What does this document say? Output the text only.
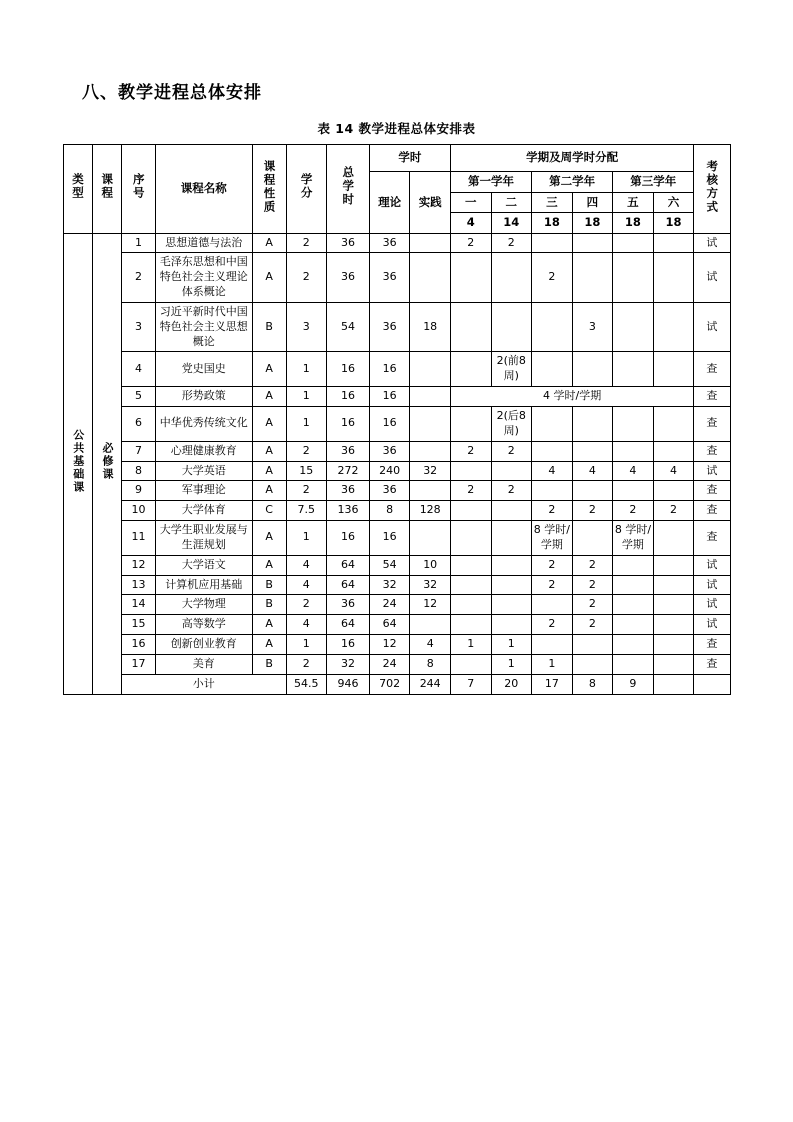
八、教学进程总体安排
表 14 教学进程总体安排表
类型	课程	序号	课程名称	课程性质	学分	总学时	学时		学期及周学时分配						考核方式
							理论	实践	第一学年		第二学年		第三学年		
									一	二	三	四	五	六	
									4	14	18	18	18	18	
公共基础课	必修课	1	思想道德与法治	A	2	36	36		2	2					试
		2	毛泽东思想和中国特色社会主义理论体系概论	A	2	36	36				2				试
		3	习近平新时代中国特色社会主义思想概论	B	3	54	36	18				3			试
		4	党史国史	A	1	16	16			2(前8周)					查
		5	形势政策	A	1	16	16		4 学时/学期						查
		6	中华优秀传统文化	A	1	16	16			2(后8周)					查
		7	心理健康教育	A	2	36	36		2	2					查
		8	大学英语	A	15	272	240	32			4	4	4	4	试
		9	军事理论	A	2	36	36		2	2					查
		10	大学体育	C	7.5	136	8	128			2	2	2	2	查
		11	大学生职业发展与生涯规划	A	1	16	16				8 学时/学期		8 学时/学期		查
		12	大学语文	A	4	64	54	10			2	2			试
		13	计算机应用基础	B	4	64	32	32			2	2			试
		14	大学物理	B	2	36	24	12				2			试
		15	高等数学	A	4	64	64				2	2			试
		16	创新创业教育	A	1	16	12	4	1	1					查
		17	美育	B	2	32	24	8		1	1				查
		小计			54.5	946	702	244	7	20	17	8	9		
